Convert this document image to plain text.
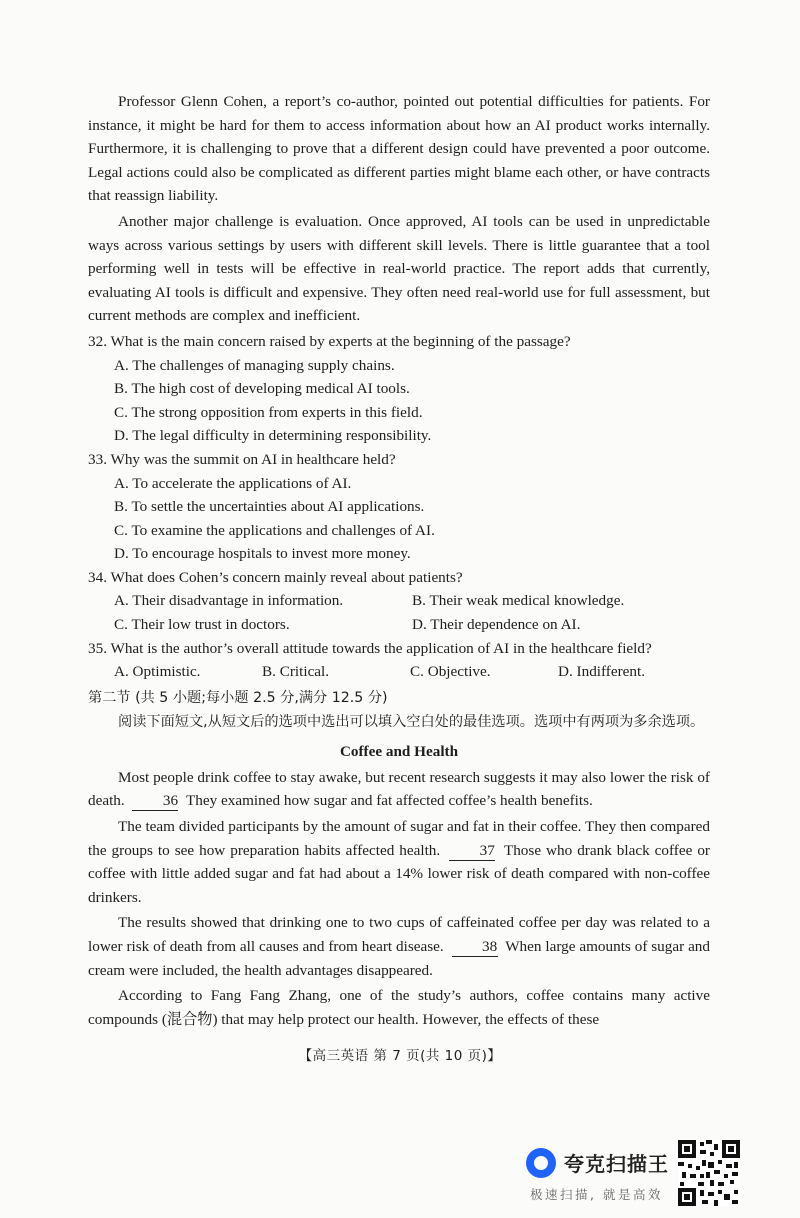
Professor Glenn Cohen, a report’s co-author, pointed out potential difficulties for patients. For instance, it might be hard for them to access information about how an AI product works internally. Furthermore, it is challenging to prove that a different design could have prevented a poor outcome. Legal actions could also be complicated as different parties might blame each other, or have contracts that reassign liability.

Another major challenge is evaluation. Once approved, AI tools can be used in unpredictable ways across various settings by users with different skill levels. There is little guarantee that a tool performing well in tests will be effective in real-world practice. The report adds that currently, evaluating AI tools is difficult and expensive. They often need real-world use for full assessment, but current methods are complex and inefficient.

32. What is the main concern raised by experts at the beginning of the passage?

A. The challenges of managing supply chains.

B. The high cost of developing medical AI tools.

C. The strong opposition from experts in this field.

D. The legal difficulty in determining responsibility.

33. Why was the summit on AI in healthcare held?

A. To accelerate the applications of AI.

B. To settle the uncertainties about AI applications.

C. To examine the applications and challenges of AI.

D. To encourage hospitals to invest more money.

34. What does Cohen’s concern mainly reveal about patients?

A. Their disadvantage in information.	B. Their weak medical knowledge.
C. Their low trust in doctors.	D. Their dependence on AI.

35. What is the author’s overall attitude towards the application of AI in the healthcare field?

A. Optimistic.	B. Critical.	C. Objective.	D. Indifferent.

第二节 (共 5 小题;每小题 2.5 分,满分 12.5 分)

阅读下面短文,从短文后的选项中选出可以填入空白处的最佳选项。选项中有两项为多余选项。

Coffee and Health

Most people drink coffee to stay awake, but recent research suggests it may also lower the risk of death.	36 They examined how sugar and fat affected coffee’s health benefits.

The team divided participants by the amount of sugar and fat in their coffee. They then compared the groups to see how preparation habits affected health.	37 Those who drank black coffee or coffee with little added sugar and fat had about a 14% lower risk of death compared with non-coffee drinkers.

The results showed that drinking one to two cups of caffeinated coffee per day was related to a lower risk of death from all causes and from heart disease.	38 When large amounts of sugar and cream were included, the health advantages disappeared.

According to Fang Fang Zhang, one of the study’s authors, coffee contains many active compounds (混合物) that may help protect our health. However, the effects of these

【高三英语 第 7 页(共 10 页)】
夸克扫描王
极速扫描, 就是高效
